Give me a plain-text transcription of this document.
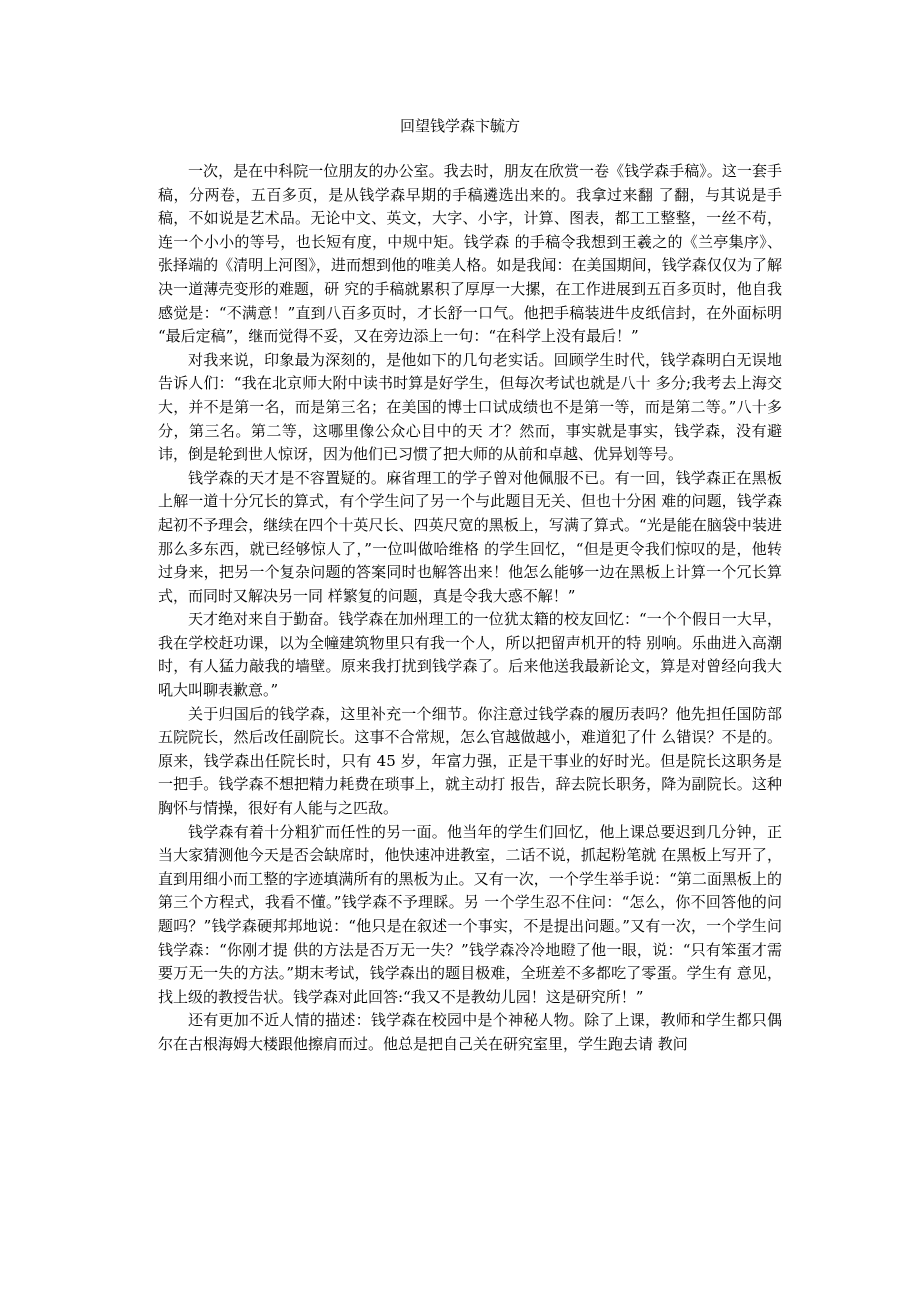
回望钱学森卞毓方

一次，是在中科院一位朋友的办公室。我去时，朋友在欣赏一卷《钱学森手稿》。这一套手稿，分两卷，五百多页，是从钱学森早期的手稿遴选出来的。我拿过来翻 了翻，与其说是手稿，不如说是艺术品。无论中文、英文，大字、小字，计算、图表，都工工整整，一丝不苟，连一个小小的等号，也长短有度，中规中矩。钱学森 的手稿令我想到王羲之的《兰亭集序》、张择端的《清明上河图》，进而想到他的唯美人格。如是我闻：在美国期间，钱学森仅仅为了解决一道薄壳变形的难题，研 究的手稿就累积了厚厚一大摞，在工作进展到五百多页时，他自我感觉是：“不满意！”直到八百多页时，才长舒一口气。他把手稿装进牛皮纸信封，在外面标明 “最后定稿”，继而觉得不妥，又在旁边添上一句：“在科学上没有最后！”

对我来说，印象最为深刻的，是他如下的几句老实话。回顾学生时代，钱学森明白无误地告诉人们：“我在北京师大附中读书时算是好学生，但每次考试也就是八十 多分;我考去上海交大，并不是第一名，而是第三名；在美国的博士口试成绩也不是第一等，而是第二等。”八十多分，第三名。第二等，这哪里像公众心目中的天 才？然而，事实就是事实，钱学森，没有避讳，倒是轮到世人惊讶，因为他们已习惯了把大师的从前和卓越、优异划等号。

钱学森的天才是不容置疑的。麻省理工的学子曾对他佩服不已。有一回，钱学森正在黑板上解一道十分冗长的算式，有个学生问了另一个与此题目无关、但也十分困 难的问题，钱学森起初不予理会，继续在四个十英尺长、四英尺宽的黑板上，写满了算式。“光是能在脑袋中装进那么多东西，就已经够惊人了，”一位叫做哈维格 的学生回忆，“但是更令我们惊叹的是，他转过身来，把另一个复杂问题的答案同时也解答出来！他怎么能够一边在黑板上计算一个冗长算式，而同时又解决另一同 样繁复的问题，真是令我大惑不解！”

天才绝对来自于勤奋。钱学森在加州理工的一位犹太籍的校友回忆：“一个个假日一大早，我在学校赶功课，以为全幢建筑物里只有我一个人，所以把留声机开的特 别响。乐曲进入高潮时，有人猛力敲我的墙壁。原来我打扰到钱学森了。后来他送我最新论文，算是对曾经向我大吼大叫聊表歉意。”

关于归国后的钱学森，这里补充一个细节。你注意过钱学森的履历表吗？他先担任国防部五院院长，然后改任副院长。这事不合常规，怎么官越做越小，难道犯了什 么错误？不是的。原来，钱学森出任院长时，只有 45 岁，年富力强，正是干事业的好时光。但是院长这职务是一把手。钱学森不想把精力耗费在琐事上，就主动打 报告，辞去院长职务，降为副院长。这种胸怀与情操，很好有人能与之匹敌。

钱学森有着十分粗犷而任性的另一面。他当年的学生们回忆，他上课总要迟到几分钟，正当大家猜测他今天是否会缺席时，他快速冲进教室，二话不说，抓起粉笔就 在黑板上写开了，直到用细小而工整的字迹填满所有的黑板为止。又有一次，一个学生举手说：“第二面黑板上的第三个方程式，我看不懂。”钱学森不予理睬。另 一个学生忍不住问：“怎么，你不回答他的问题吗？”钱学森硬邦邦地说：“他只是在叙述一个事实，不是提出问题。”又有一次，一个学生问钱学森：“你刚才提 供的方法是否万无一失？”钱学森冷冷地瞪了他一眼，说：“只有笨蛋才需要万无一失的方法。”期末考试，钱学森出的题目极难，全班差不多都吃了零蛋。学生有 意见，找上级的教授告状。钱学森对此回答:“我又不是教幼儿园！这是研究所！”

还有更加不近人情的描述：钱学森在校园中是个神秘人物。除了上课，教师和学生都只偶尔在古根海姆大楼跟他擦肩而过。他总是把自己关在研究室里，学生跑去请 教问
